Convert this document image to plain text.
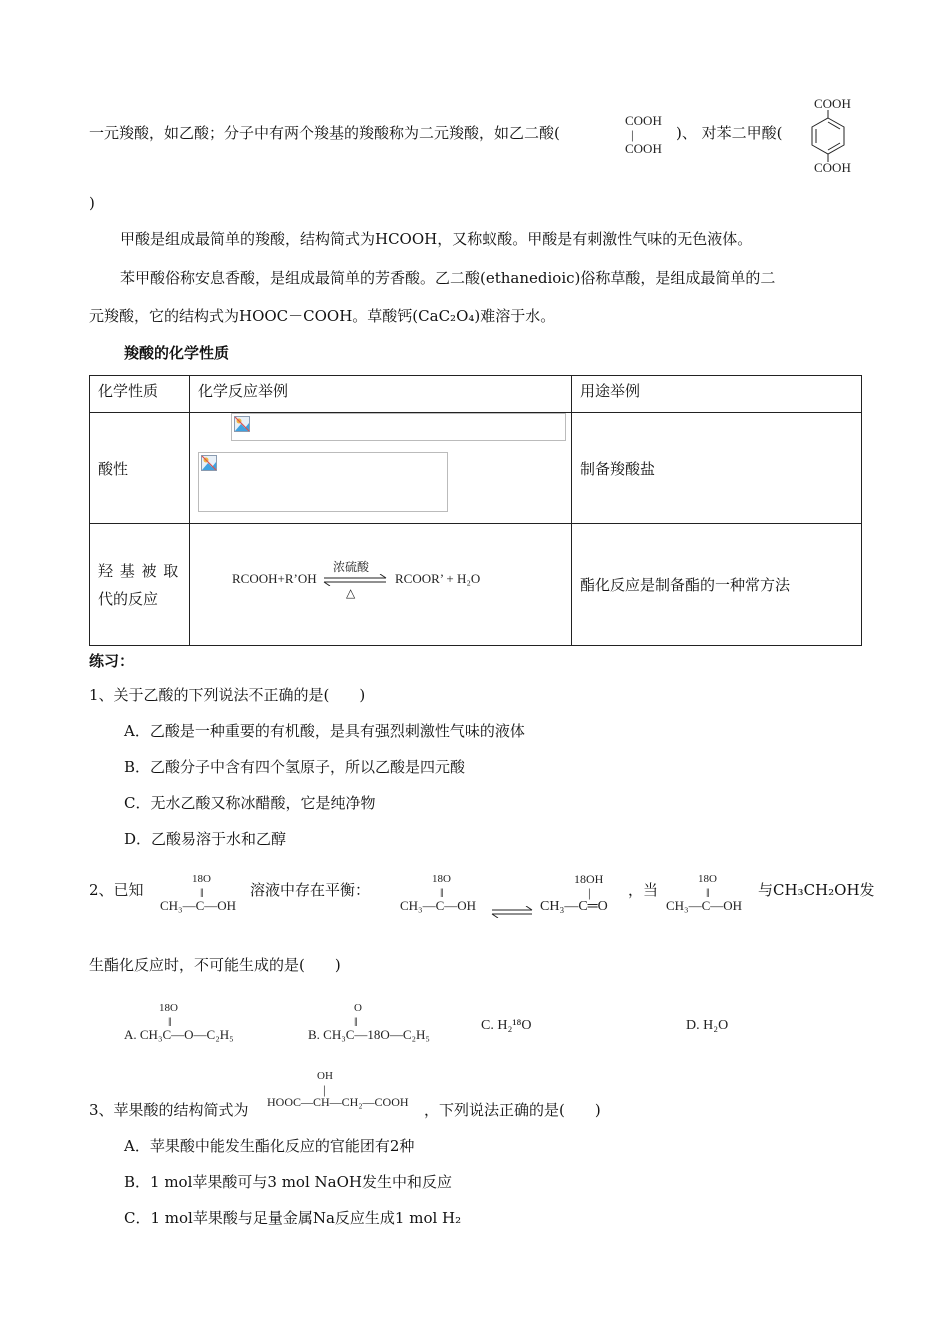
一元羧酸，如乙酸；分子中有两个羧基的羧酸称为二元羧酸，如乙二酸(
COOH
|
COOH
)、 对苯二甲酸(
COOH
COOH
)
甲酸是组成最简单的羧酸，结构简式为HCOOH，又称蚁酸。甲酸是有刺激性气味的无色液体。
苯甲酸俗称安息香酸，是组成最简单的芳香酸。乙二酸(ethanedioic)俗称草酸，是组成最简单的二
元羧酸，它的结构式为HOOC－COOH。草酸钙(CaC₂O₄)难溶于水。
羧酸的化学性质
化学性质	化学反应举例	用途举例
酸性		制备羧酸盐

羟 基 被 取
代的反应		酯化反应是制备酯的一种常方法
RCOOH+R’OH
浓硫酸
△
RCOOR’ + H₂O
练习：
1、关于乙酸的下列说法不正确的是(　　)
A．乙酸是一种重要的有机酸，是具有强烈刺激性气味的液体
B．乙酸分子中含有四个氢原子，所以乙酸是四元酸
C．无水乙酸又称冰醋酸，它是纯净物
D．乙酸易溶于水和乙醇
2、已知
18O
‖
CH₃—C—OH
溶液中存在平衡：
18O
‖
CH₃—C—OH ⇌
18OH
|
CH₃—C═O
，当
18O
‖
CH₃—C—OH
与CH₃CH₂OH发
生酯化反应时，不可能生成的是(　　)
18O
‖
A. CH₃C—O—C₂H₅
O
‖
B. CH₃C—18O—C₂H₅
C. H₂¹⁸O	D. H₂O
3、苹果酸的结构简式为
OH
|
HOOC—CH—CH₂—COOH ，下列说法正确的是(　　)
A．苹果酸中能发生酯化反应的官能团有2种
B．1 mol苹果酸可与3 mol NaOH发生中和反应
C．1 mol苹果酸与足量金属Na反应生成1 mol H₂
